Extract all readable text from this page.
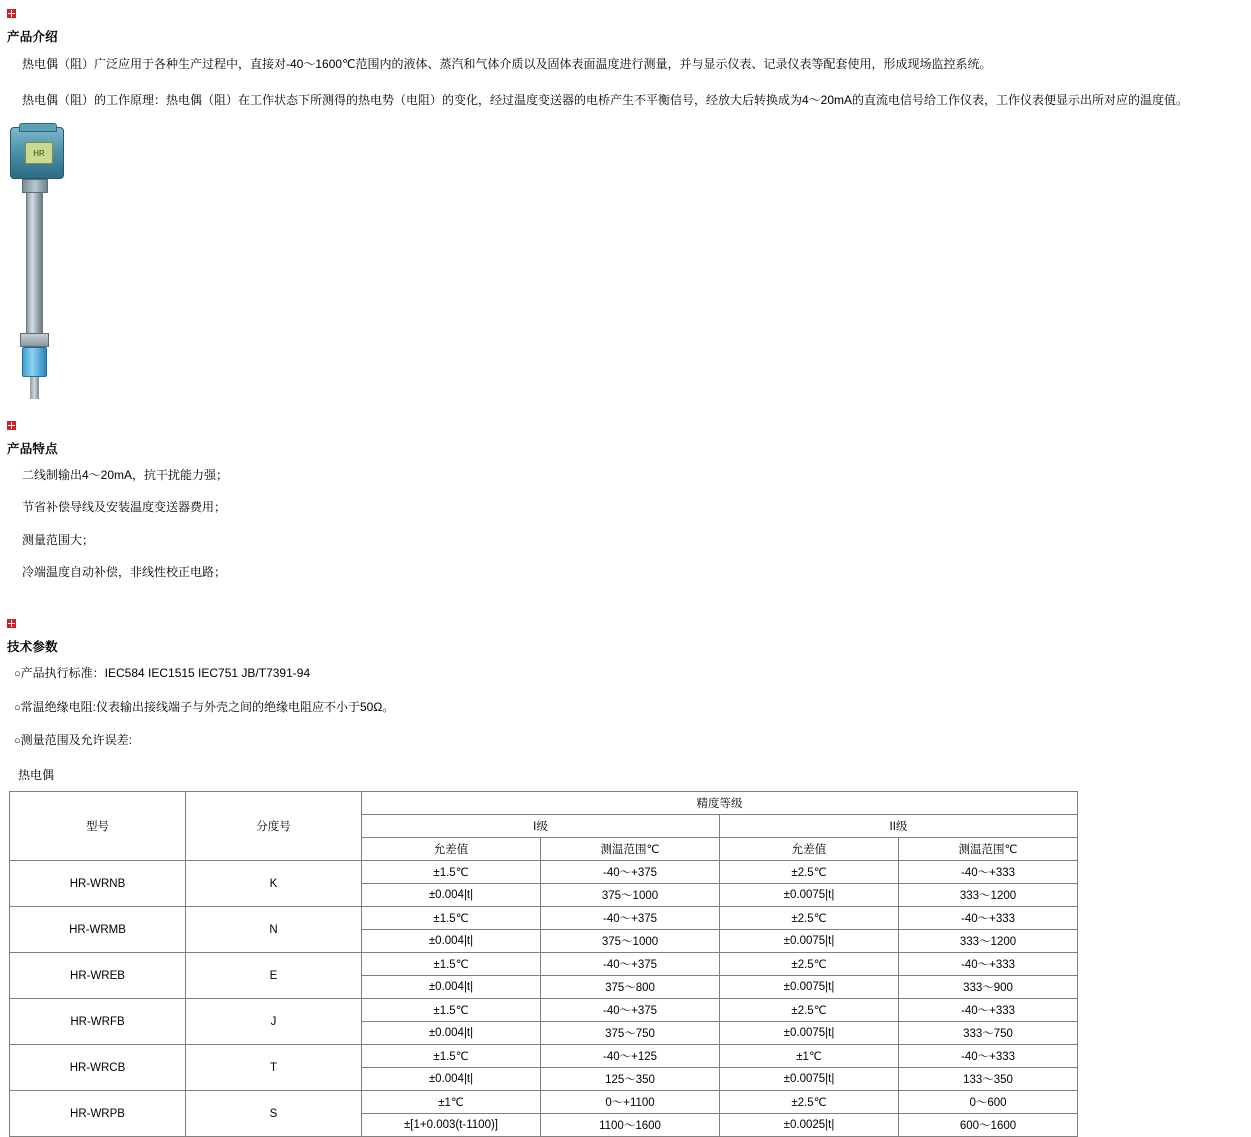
产品介绍

热电偶（阻）广泛应用于各种生产过程中，直接对-40～1600℃范围内的液体、蒸汽和气体介质以及固体表面温度进行测量，并与显示仪表、记录仪表等配套使用，形成现场监控系统。

热电偶（阻）的工作原理：热电偶（阻）在工作状态下所测得的热电势（电阻）的变化，经过温度变送器的电桥产生不平衡信号，经放大后转换成为4～20mA的直流电信号给工作仪表，工作仪表便显示出所对应的温度值。

HR
产品特点
二线制输出4～20mA，抗干扰能力强；
节省补偿导线及安装温度变送器费用；
测量范围大；
冷端温度自动补偿，非线性校正电路；
技术参数
○产品执行标准：IEC584 IEC1515 IEC751 JB/T7391-94
○常温绝缘电阻:仪表输出接线端子与外壳之间的绝缘电阻应不小于50Ω。
○测量范围及允许误差:
热电偶
型号	分度号	精度等级			
		I级		II级	
		允差值	测温范围℃	允差值	测温范围℃
HR-WRNB	K	±1.5℃	-40～+375	±2.5℃	-40～+333
		±0.004|t|	375～1000	±0.0075|t|	333～1200
HR-WRMB	N	±1.5℃	-40～+375	±2.5℃	-40～+333
		±0.004|t|	375～1000	±0.0075|t|	333～1200
HR-WREB	E	±1.5℃	-40～+375	±2.5℃	-40～+333
		±0.004|t|	375～800	±0.0075|t|	333～900
HR-WRFB	J	±1.5℃	-40～+375	±2.5℃	-40～+333
		±0.004|t|	375～750	±0.0075|t|	333～750
HR-WRCB	T	±1.5℃	-40～+125	±1℃	-40～+333
		±0.004|t|	125～350	±0.0075|t|	133～350
HR-WRPB	S	±1℃	0～+1100	±2.5℃	0～600
		±[1+0.003(t-1100)]	1100～1600	±0.0025|t|	600～1600
